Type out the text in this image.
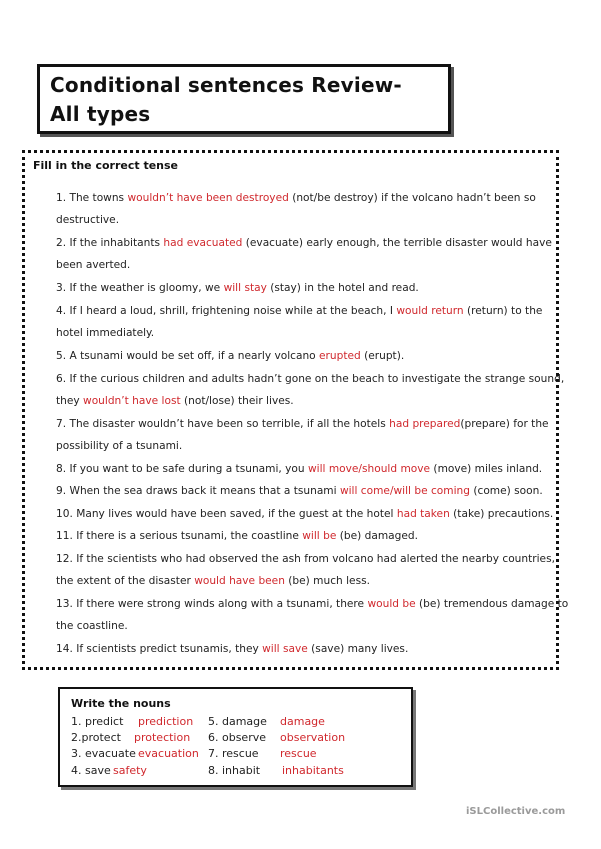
Conditional sentences Review-
All types
Fill in the correct tense
1. The towns wouldn’t have been destroyed (not/be destroy) if the volcano hadn’t been so
destructive.
2. If the inhabitants had evacuated (evacuate) early enough, the terrible disaster would have
been averted.
3. If the weather is gloomy, we will stay (stay) in the hotel and read.
4. If I heard a loud, shrill, frightening noise while at the beach, I would return (return) to the
hotel immediately.
5. A tsunami would be set off, if a nearly volcano erupted (erupt).
6. If the curious children and adults hadn’t gone on the beach to investigate the strange sound,
they wouldn’t have lost (not/lose) their lives.
7. The disaster wouldn’t have been so terrible, if all the hotels had prepared(prepare) for the
possibility of a tsunami.
8. If you want to be safe during a tsunami, you will move/should move (move) miles inland.
9. When the sea draws back it means that a tsunami will come/will be coming (come) soon.
10. Many lives would have been saved, if the guest at the hotel had taken (take) precautions.
11. If there is a serious tsunami, the coastline will be (be) damaged.
12. If the scientists who had observed the ash from volcano had alerted the nearby countries,
the extent of the disaster would have been (be) much less.
13. If there were strong winds along with a tsunami, there would be (be) tremendous damage to
the coastline.
14. If scientists predict tsunamis, they will save (save) many lives.
Write the nouns
1. predict prediction
2.protect protection
3. evacuate evacuation
4. save safety
5. damage damage
6. observe observation
7. rescue rescue
8. inhabit inhabitants
iSLCollective.com
